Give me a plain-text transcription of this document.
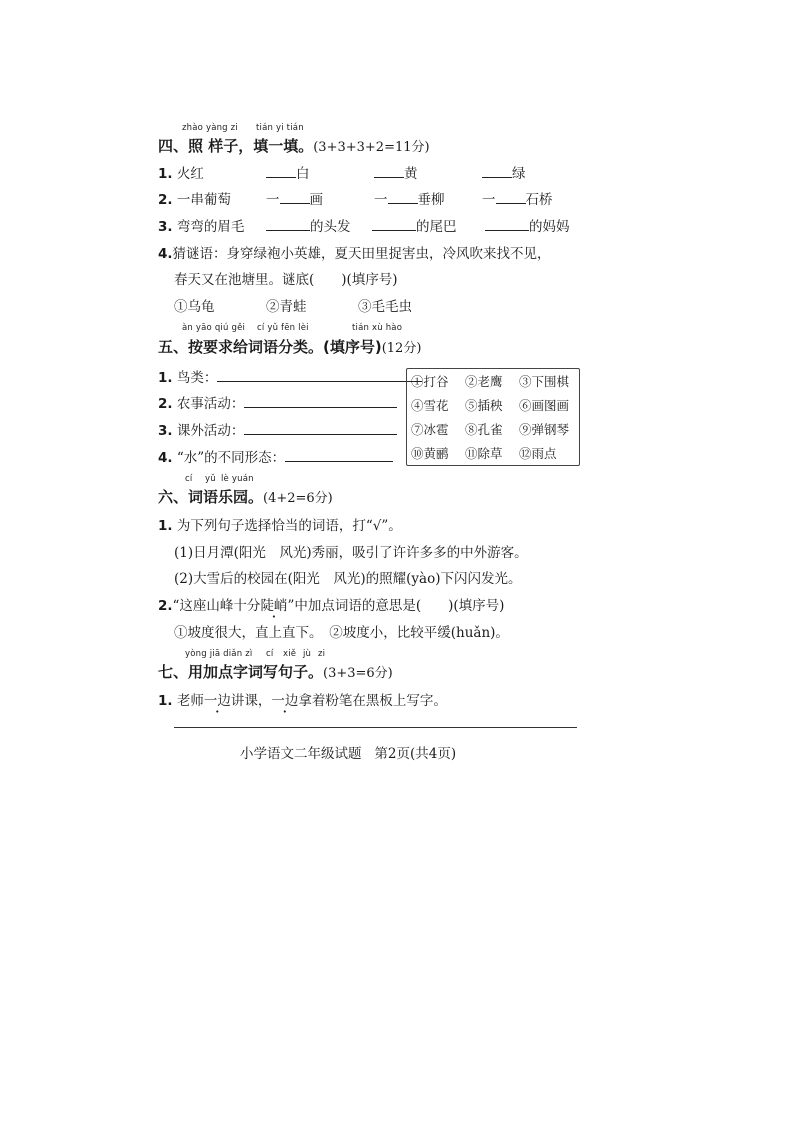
zhào yàng zi tián yi tián
四、照 样子，填一填。(3+3+3+2=11分)
1. 火红	白	黄	绿
2. 一串葡萄	一 画	一 垂柳	一 石桥
3. 弯弯的眉毛	的头发	的尾巴	的妈妈
4.猜谜语：身穿绿袍小英雄，夏天田里捉害虫，冷风吹来找不见，
春天又在池塘里。谜底(　　)(填序号)
①乌龟	②青蛙	③毛毛虫
àn yāo qiú gěi cí yǔ fēn lèi	tián xù hào
五、按要求给词语分类。(填序号)(12分)
1. 鸟类：
2. 农事活动：
3. 课外活动：
4. “水”的不同形态：
①打谷 ②老鹰 ③下围棋
④雪花 ⑤插秧 ⑥画图画
⑦冰雹 ⑧孔雀 ⑨弹钢琴
⑩黄鹂 ⑪除草 ⑫雨点
cí yǔ lè yuán
六、词语乐园。(4+2=6分)
1. 为下列句子选择恰当的词语，打“√”。
(1)日月潭(阳光　风光)秀丽，吸引了许许多多的中外游客。
(2)大雪后的校园在(阳光　风光)的照耀(yào)下闪闪发光。
2.“这座山峰十分陡峭”中加点词语的意思是(　　)(填序号)
①坡度很大，直上直下。　②坡度小，比较平缓(huǎn)。
yòng jiā diǎn zì cí xiě jù zi
七、用加点字词写句子。(3+3=6分)
1. 老师一边讲课，一边拿着粉笔在黑板上写字。
小学语文二年级试题 第2页(共4页)
